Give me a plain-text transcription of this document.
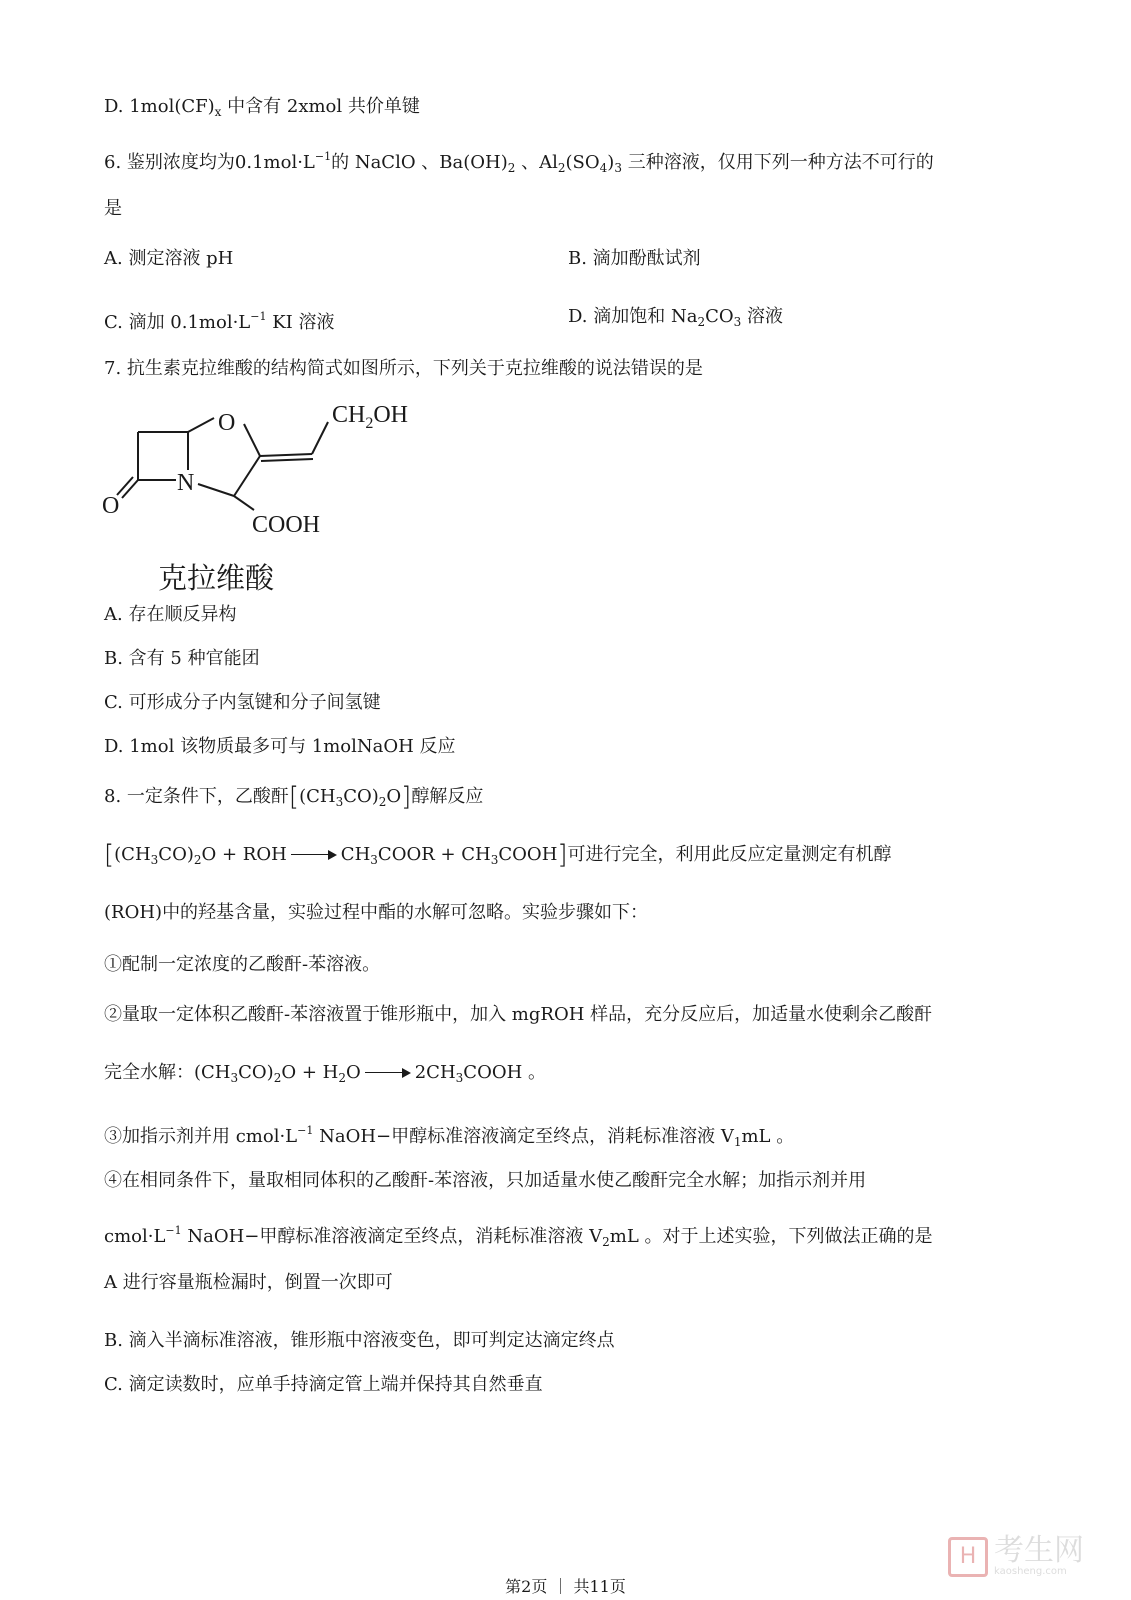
D. $1mol(CF)_x$ 中含有 2xmol 共价单键
6. 鉴别浓度均为$0.1mol\cdot L^{-1}$的 NaClO 、$Ba(OH)_2$ 、$Al_2(SO_4)_3$ 三种溶液，仅用下列一种方法不可行的
是
A. 测定溶液 pH	B. 滴加酚酞试剂
C. 滴加 $0.1mol\cdot L^{-1}$ KI 溶液	D. 滴加饱和 $Na_2CO_3$ 溶液
7. 抗生素克拉维酸的结构简式如图所示，下列关于克拉维酸的说法错误的是
O	$CH_2OH$
N
O
COOH
克拉维酸
A. 存在顺反异构
B. 含有 5 种官能团
C. 可形成分子内氢键和分子间氢键
D. 1mol 该物质最多可与 1molNaOH 反应
8. 一定条件下，乙酸酐$[(CH_3CO)_2O]$醇解反应
[$(CH_3CO)_2O$ + ROH	$CH_3COOR$ + $CH_3COOH$]可进行完全，利用此反应定量测定有机醇
(ROH)中的羟基含量，实验过程中酯的水解可忽略。实验步骤如下：
①配制一定浓度的乙酸酐-苯溶液。
②量取一定体积乙酸酐-苯溶液置于锥形瓶中，加入 mgROH 样品，充分反应后，加适量水使剩余乙酸酐
完全水解：$(CH_3CO)_2O + H_2O$	$2CH_3COOH$ 。
③加指示剂并用 $cmol\cdot L^{-1}$ NaOH−甲醇标准溶液滴定至终点，消耗标准溶液 $V_1mL$ 。
④在相同条件下，量取相同体积的乙酸酐-苯溶液，只加适量水使乙酸酐完全水解；加指示剂并用
$cmol\cdot L^{-1}$ NaOH−甲醇标准溶液滴定至终点，消耗标准溶液 $V_2mL$ 。对于上述实验，下列做法正确的是
A 进行容量瓶检漏时，倒置一次即可
B. 滴入半滴标准溶液，锥形瓶中溶液变色，即可判定达滴定终点
C. 滴定读数时，应单手持滴定管上端并保持其自然垂直
H 考生网
kaosheng.com
第2页 ｜ 共11页
